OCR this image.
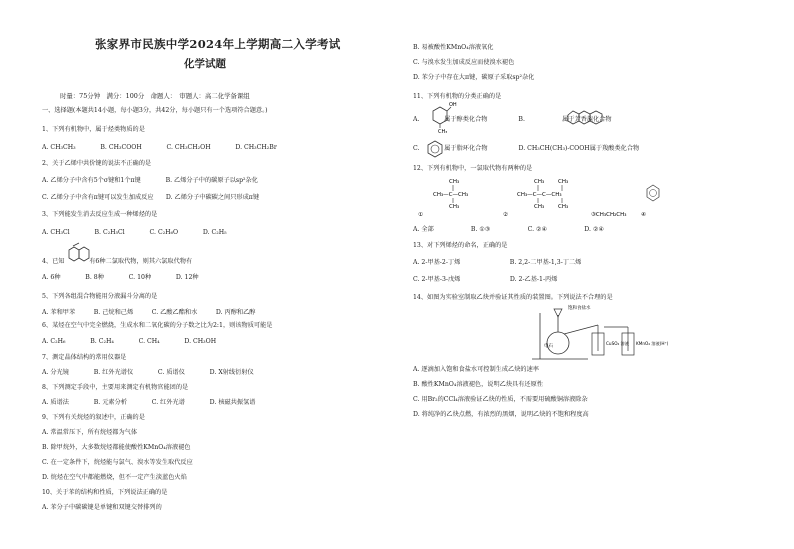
张家界市民族中学2024年上学期高二入学考试
化学试题
时量：75分钟　满分：100分　命题人：　审题人：高二化学备课组
一、选择题(本题共14小题，每小题3分，共42分，每小题只有一个选项符合题意。)
1、下列有机物中，属于烃类物质的是
A. CH₃CH₃　　　　B. CH₃COOH　　　　C. CH₃CH₂OH　　　　D. CH₃CH₂Br
2、关于乙烯中共价键的说法不正确的是
A. 乙烯分子中含有5个σ键和1个π键　　　　B. 乙烯分子中的碳原子以sp²杂化
C. 乙烯分子中含有π键可以发生加成反应　　D. 乙烯分子中碳碳之间只形成π键
3、下列能发生消去反应生成一种烯烃的是
A. CH₃Cl　　　　B. C₂H₅Cl　　　　C. C₂H₆O　　　　D. C₂H₅
4、已知　　　　有6种二氯取代物，则其六氯取代物有
A. 6种　　　　B. 8种　　　　C. 10种　　　　D. 12种
5、下列各组混合物能用分液漏斗分离的是
A. 苯和甲苯　　　B. 己烷和己烯　　　C. 乙酸乙酯和水　　　D. 丙醇和乙醇
6、某烃在空气中完全燃烧，生成水和二氧化碳的分子数之比为2:1，则该物质可能是
A. C₂H₆　　　　B. C₂H₄　　　　C. CH₄　　　　D. CH₃OH
7、测定晶体结构的常用仪器是
A. 分光镜　　　　B. 红外光谱仪　　　　C. 质谱仪　　　　D. X射线衍射仪
8、下列测定手段中，主要用来测定有机物官能团的是
A. 质谱法　　　　B. 元素分析　　　　C. 红外光谱　　　　D. 核磁共振氢谱
9、下列有关烷烃的叙述中，正确的是
A. 常温常压下，所有烷烃都为气体
B. 除甲烷外，大多数烷烃都能使酸性KMnO₄溶液褪色
C. 在一定条件下，烷烃能与氯气、溴水等发生取代反应
D. 烷烃在空气中都能燃烧，但不一定产生淡蓝色火焰
10、关于苯的结构和性质，下列说法正确的是
A. 苯分子中碳碳键是单键和双键交替排列的
B. 易被酸性KMnO₄溶液氧化
C. 与溴水发生加成反应而使溴水褪色
D. 苯分子中存在大π键，碳原子采取sp²杂化
11、下列有机物的分类正确的是
OH
CH₃
A.　　　　属于醇类化合物　　　　　B.　　　　　　属于芳香族化合物
C.　　　　属于脂环化合物　　　　　D. CH₃CH(CH₃)-COOH属于羧酸类化合物
12、下列有机物中，一氯取代物有两种的是
CH₃
CH₃—C—CH₃
CH₃
CH₃	CH₃
CH₃—C—C—CH₃
CH₃	CH₃
①	②	③CH₃CH₂CH₃	④
A. 全部　　　　　　B. ①③　　　　　　C. ②④　　　　　　D. ②④
13、对下列烯烃的命名，正确的是
A. 2-甲基-2-丁烯　　　　　　　　B. 2,2-二甲基-1,3-丁二烯
C. 2-甲基-3-戊烯　　　　　　　　D. 2-乙基-1-丙烯
14、如图为实验室制取乙炔并验证其性质的装置图。下列说法不合理的是
饱和食盐水
电石
CuSO₄ 溶液 KMnO₄ 溶液(H⁺)
A. 逐滴加入饱和食盐水可控制生成乙炔的速率
B. 酸性KMnO₄溶液褪色，说明乙炔具有还原性
C. 用Br₂的CCl₄溶液验证乙炔的性质，不需要用硫酸铜溶液除杂
D. 将纯净的乙炔点燃，有浓烈的黑烟，说明乙炔的不饱和程度高
